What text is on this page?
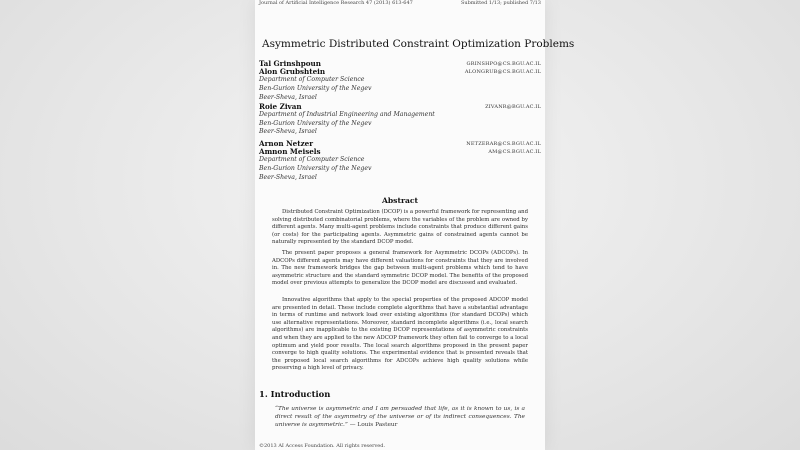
Journal of Artificial Intelligence Research 47 (2013) 613-647	Submitted 1/13; published 7/13
Asymmetric Distributed Constraint Optimization Problems
Tal Grinshpoun	GRINSHPO@CS.BGU.AC.IL
Alon Grubshtein	ALONGRUB@CS.BGU.AC.IL
Department of Computer Science
Ben-Gurion University of the Negev
Beer-Sheva, Israel
Roie Zivan	ZIVANR@BGU.AC.IL
Department of Industrial Engineering and Management
Ben-Gurion University of the Negev
Beer-Sheva, Israel
Arnon Netzer	NETZERAR@CS.BGU.AC.IL
Amnon Meisels	AM@CS.BGU.AC.IL
Department of Computer Science
Ben-Gurion University of the Negev
Beer-Sheva, Israel
Abstract
Distributed Constraint Optimization (DCOP) is a powerful framework for representing and solving distributed combinatorial problems, where the variables of the problem are owned by different agents. Many multi-agent problems include constraints that produce different gains (or costs) for the participating agents. Asymmetric gains of constrained agents cannot be naturally represented by the standard DCOP model.
The present paper proposes a general framework for Asymmetric DCOPs (ADCOPs). In ADCOPs different agents may have different valuations for constraints that they are involved in. The new framework bridges the gap between multi-agent problems which tend to have asymmetric structure and the standard symmetric DCOP model. The benefits of the proposed model over previous attempts to generalize the DCOP model are discussed and evaluated.
Innovative algorithms that apply to the special properties of the proposed ADCOP model are presented in detail. These include complete algorithms that have a substantial advantage in terms of runtime and network load over existing algorithms (for standard DCOPs) which use alternative representations. Moreover, standard incomplete algorithms (i.e., local search algorithms) are inapplicable to the existing DCOP representations of asymmetric constraints and when they are applied to the new ADCOP framework they often fail to converge to a local optimum and yield poor results. The local search algorithms proposed in the present paper converge to high quality solutions. The experimental evidence that is presented reveals that the proposed local search algorithms for ADCOPs achieve high quality solutions while preserving a high level of privacy.
1. Introduction
“The universe is asymmetric and I am persuaded that life, as it is known to us, is a direct result of the asymmetry of the universe or of its indirect consequences. The universe is asymmetric.” — Louis Pasteur
©2013 AI Access Foundation. All rights reserved.
